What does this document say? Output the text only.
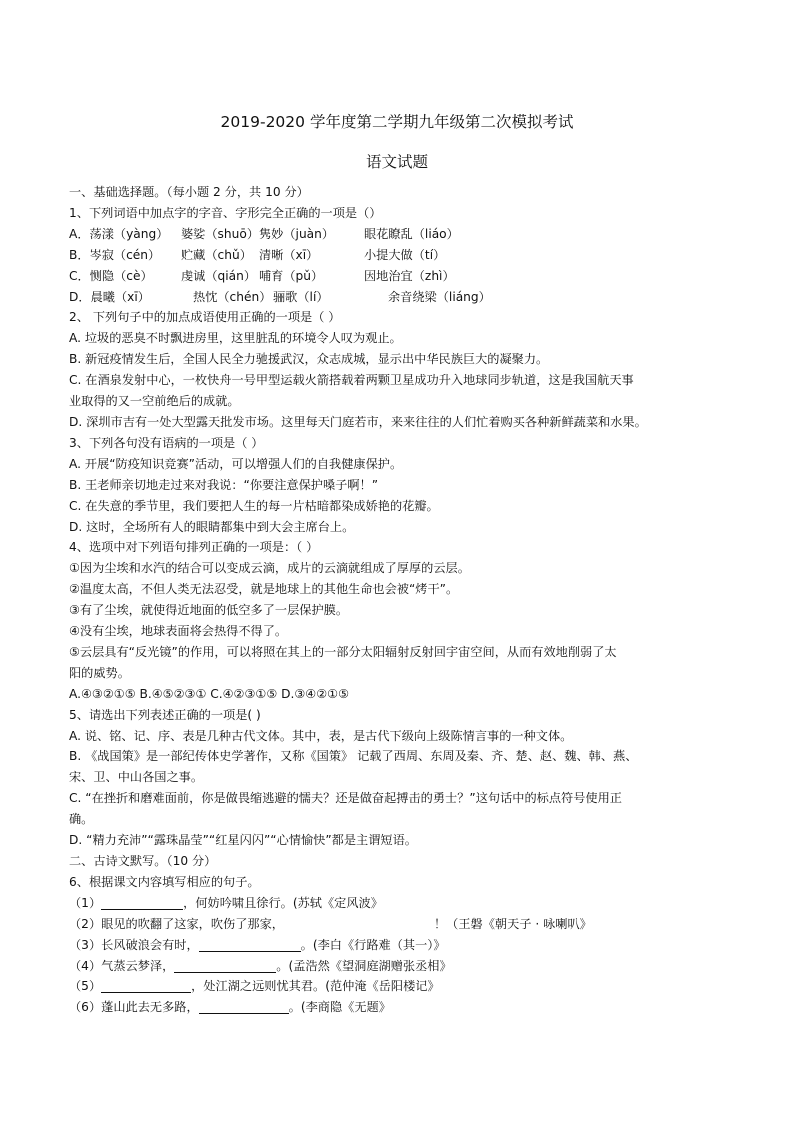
2019-2020 学年度第二学期九年级第二次模拟考试
语文试题
一、基础选择题。（每小题 2 分，共 10 分）
1、下列词语中加点字的字音、字形完全正确的一项是（）
A．荡漾（yàng） 婆娑（shuō） 隽妙（juàn）	眼花瞭乱（liáo）
B．岑寂（cén） 贮藏（chǔ） 清晰（xī）	小提大做（tí）
C．恻隐（cè）	虔诚（qián） 哺育（pǔ）	因地治宜（zhì）
D．晨曦（xī）	热忱（chén） 骊歌（lí）	余音绕梁（liáng）
2、 下列句子中的加点成语使用正确的一项是（ ）
A. 垃圾的恶臭不时飘进房里，这里脏乱的环境令人叹为观止。
B. 新冠疫情发生后，全国人民全力驰援武汉，众志成城，显示出中华民族巨大的凝聚力。
C. 在酒泉发射中心，一枚快舟一号甲型运载火箭搭载着两颗卫星成功升入地球同步轨道，这是我国航天事
业取得的又一空前绝后的成就。
D. 深圳市吉有一处大型露天批发市场。这里每天门庭若市，来来往往的人们忙着购买各种新鲜蔬菜和水果。
3、下列各句没有语病的一项是（ ）
A. 开展“防疫知识竞赛”活动，可以增强人们的自我健康保护。
B. 王老师亲切地走过来对我说：“你要注意保护嗓子啊！”
C. 在失意的季节里，我们要把人生的每一片枯暗都染成娇艳的花瓣。
D. 这时，全场所有人的眼睛都集中到大会主席台上。
4、选项中对下列语句排列正确的一项是：（ ）
①因为尘埃和水汽的结合可以变成云滴，成片的云滴就组成了厚厚的云层。
②温度太高，不但人类无法忍受，就是地球上的其他生命也会被“烤干”。
③有了尘埃，就使得近地面的低空多了一层保护膜。
④没有尘埃，地球表面将会热得不得了。
⑤云层具有“反光镜”的作用，可以将照在其上的一部分太阳辐射反射回宇宙空间，从而有效地削弱了太
阳的威势。
A.④③②①⑤ B.④⑤②③① C.④②③①⑤ D.③④②①⑤
5、请选出下列表述正确的一项是( )
A. 说、铭、记、序、表是几种古代文体。其中，表，是古代下级向上级陈情言事的一种文体。
B. 《战国策》是一部纪传体史学著作，又称《国策》 记载了西周、东周及秦、齐、楚、赵、魏、韩、燕、
宋、卫、中山各国之事。
C. “在挫折和磨难面前，你是做畏缩逃避的懦夫？还是做奋起搏击的勇士？”这句话中的标点符号使用正
确。
D. “精力充沛”“露珠晶莹”“红星闪闪”“心情愉快”都是主谓短语。
二、古诗文默写。（10 分）
6、根据课文内容填写相应的句子。
（1）	，何妨吟啸且徐行。(苏轼《定风波》
（2）眼见的吹翻了这家，吹伤了那家，	！（王磐《朝天子 · 咏喇叭》
（3）长风破浪会有时，	。(李白《行路难（其一）》
（4）气蒸云梦泽，	。(孟浩然《望洞庭湖赠张丞相》
（5）	，处江湖之远则忧其君。(范仲淹《岳阳楼记》
（6）蓬山此去无多路，	。(李商隐《无题》
